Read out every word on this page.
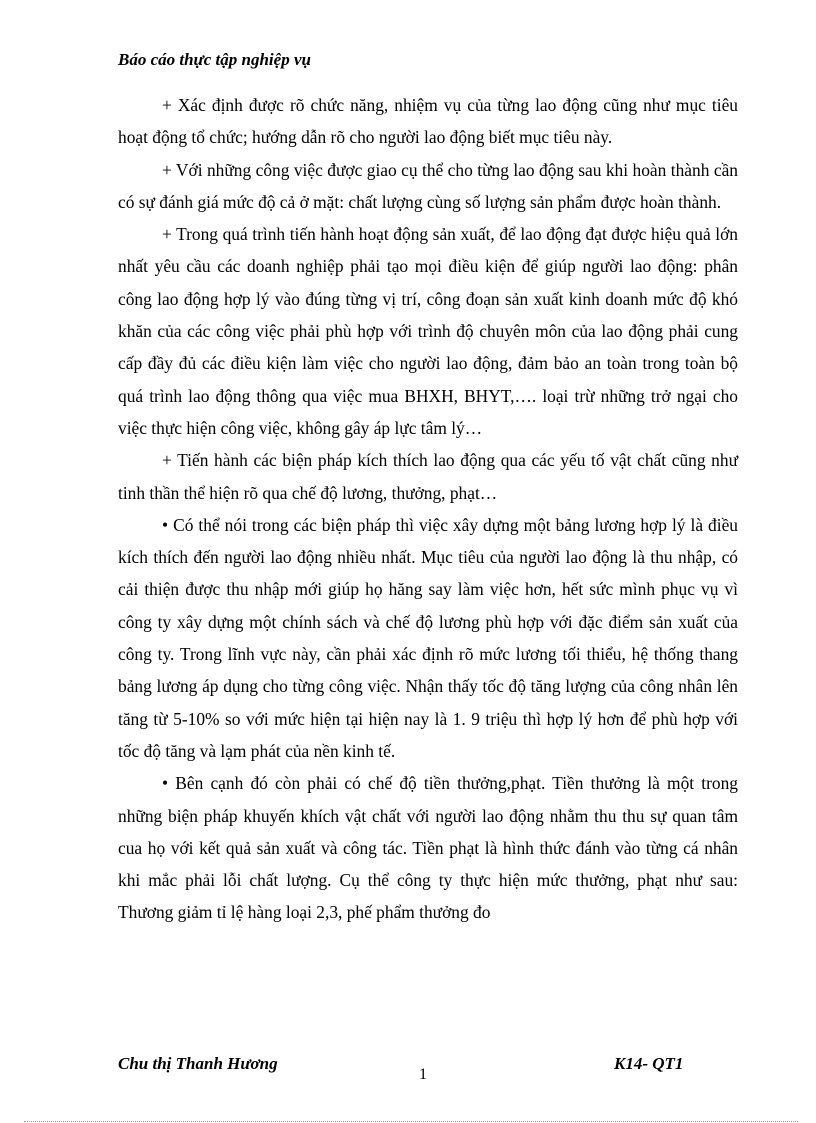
Báo cáo thực tập nghiệp vụ

+ Xác định được rõ chức năng, nhiệm vụ của từng lao động cũng như mục tiêu hoạt động tổ chức; hướng dẫn rõ cho người lao động biết mục tiêu này.

+ Với những công việc được giao cụ thể cho từng lao động sau khi hoàn thành cần có sự đánh giá mức độ cả ở mặt: chất lượng cùng số lượng sản phẩm được hoàn thành.

+ Trong quá trình tiến hành hoạt động sản xuất, để lao động đạt được hiệu quả lớn nhất yêu cầu các doanh nghiệp phải tạo mọi điều kiện để giúp người lao động: phân công lao động hợp lý vào đúng từng vị trí, công đoạn sản xuất kinh doanh mức độ khó khăn của các công việc phải phù hợp với trình độ chuyên môn của lao động phải cung cấp đầy đủ các điều kiện làm việc cho người lao động, đảm bảo an toàn trong toàn bộ quá trình lao động thông qua việc mua BHXH, BHYT,…. loại trừ những trở ngại cho việc thực hiện công việc, không gây áp lực tâm lý…

+ Tiến hành các biện pháp kích thích lao động qua các yếu tố vật chất cũng như tinh thần thể hiện rõ qua chế độ lương, thưởng, phạt…

• Có thể nói trong các biện pháp thì việc xây dựng một bảng lương hợp lý là điều kích thích đến người lao động nhiều nhất. Mục tiêu của người lao động là thu nhập, có cải thiện được thu nhập mới giúp họ hăng say làm việc hơn, hết sức mình phục vụ vì công ty xây dựng một chính sách và chế độ lương phù hợp với đặc điểm sản xuất của công ty. Trong lĩnh vực này, cần phải xác định rõ mức lương tối thiểu, hệ thống thang bảng lương áp dụng cho từng công việc. Nhận thấy tốc độ tăng lượng của công nhân lên tăng từ 5-10% so với mức hiện tại hiện nay là 1. 9 triệu thì hợp lý hơn để phù hợp với tốc độ tăng và lạm phát của nền kinh tế.

• Bên cạnh đó còn phải có chế độ tiền thưởng,phạt. Tiền thưởng là một trong những biện pháp khuyến khích vật chất với người lao động nhằm thu thu sự quan tâm cua họ với kết quả sản xuất và công tác. Tiền phạt là hình thức đánh vào từng cá nhân khi mắc phải lỗi chất lượng. Cụ thể công ty thực hiện mức thưởng, phạt như sau: Thương giảm tỉ lệ hàng loại 2,3, phế phẩm thưởng đo

Chu thị Thanh Hương
1
K14- QT1
